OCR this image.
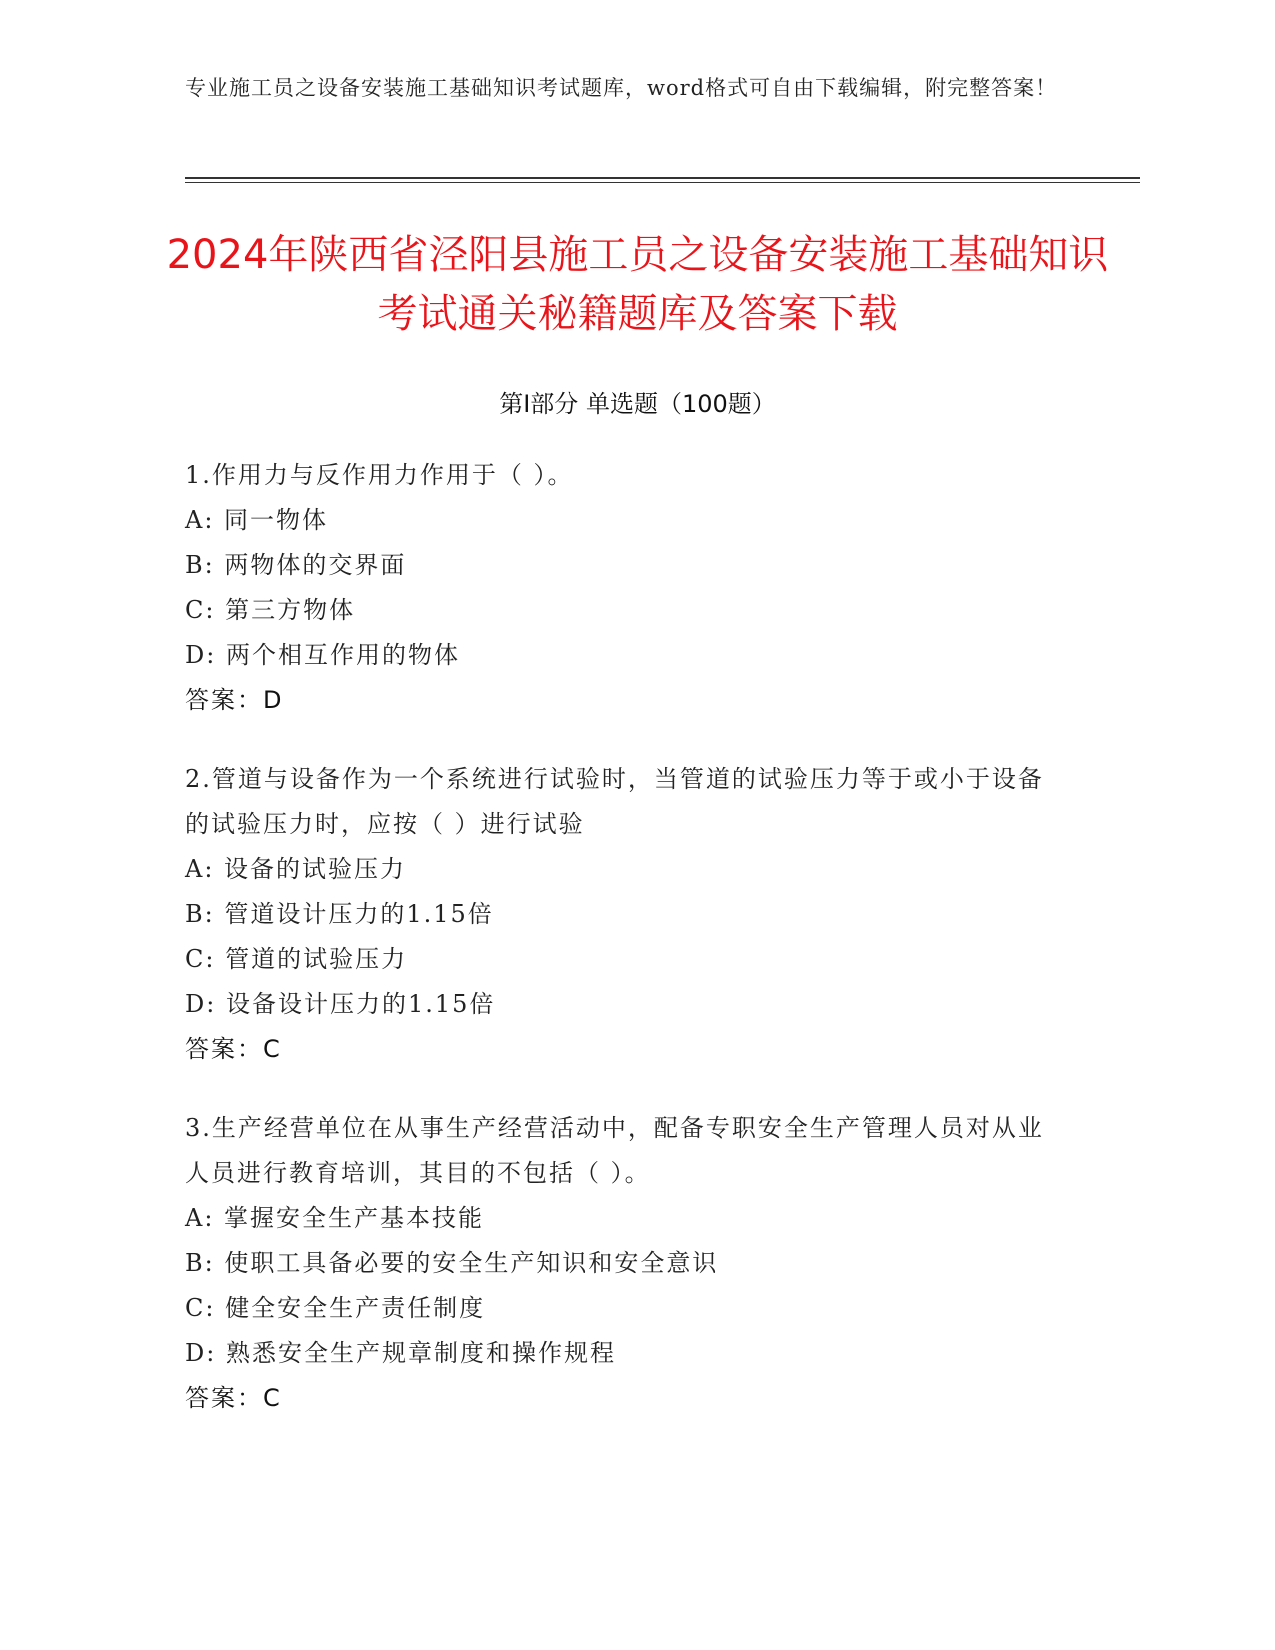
专业施工员之设备安装施工基础知识考试题库，word格式可自由下载编辑，附完整答案！
2024年陕西省泾阳县施工员之设备安装施工基础知识考试通关秘籍题库及答案下载
第Ⅰ部分 单选题（100题）
1.作用力与反作用力作用于（ ）。
A: 同一物体
B: 两物体的交界面
C: 第三方物体
D: 两个相互作用的物体
答案：D
2.管道与设备作为一个系统进行试验时，当管道的试验压力等于或小于设备的试验压力时，应按（ ）进行试验
A: 设备的试验压力
B: 管道设计压力的1.15倍
C: 管道的试验压力
D: 设备设计压力的1.15倍
答案：C
3.生产经营单位在从事生产经营活动中，配备专职安全生产管理人员对从业人员进行教育培训，其目的不包括（ ）。
A: 掌握安全生产基本技能
B: 使职工具备必要的安全生产知识和安全意识
C: 健全安全生产责任制度
D: 熟悉安全生产规章制度和操作规程
答案：C
